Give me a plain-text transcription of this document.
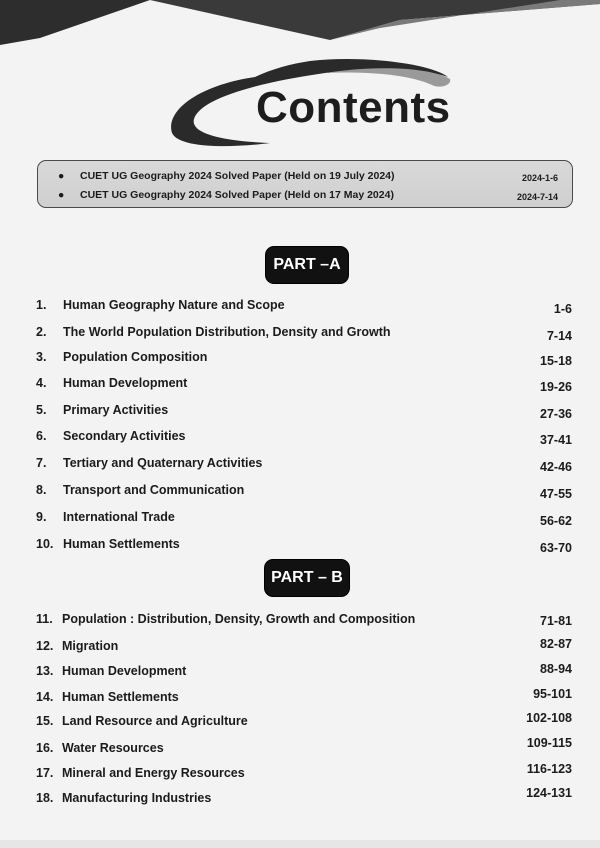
Contents
● CUET UG Geography 2024 Solved Paper (Held on 19 July 2024)	2024-1-6
● CUET UG Geography 2024 Solved Paper (Held on 17 May 2024)	2024-7-14
PART –A
1. Human Geography Nature and Scope	1-6
2. The World Population Distribution, Density and Growth	7-14
3. Population Composition	15-18
4. Human Development	19-26
5. Primary Activities	27-36
6. Secondary Activities	37-41
7. Tertiary and Quaternary Activities	42-46
8. Transport and Communication	47-55
9. International Trade	56-62
10. Human Settlements	63-70
PART – B
11. Population : Distribution, Density, Growth and Composition	71-81
12. Migration	82-87
13. Human Development	88-94
14. Human Settlements	95-101
15. Land Resource and Agriculture	102-108
16. Water Resources	109-115
17. Mineral and Energy Resources	116-123
18. Manufacturing Industries	124-131
